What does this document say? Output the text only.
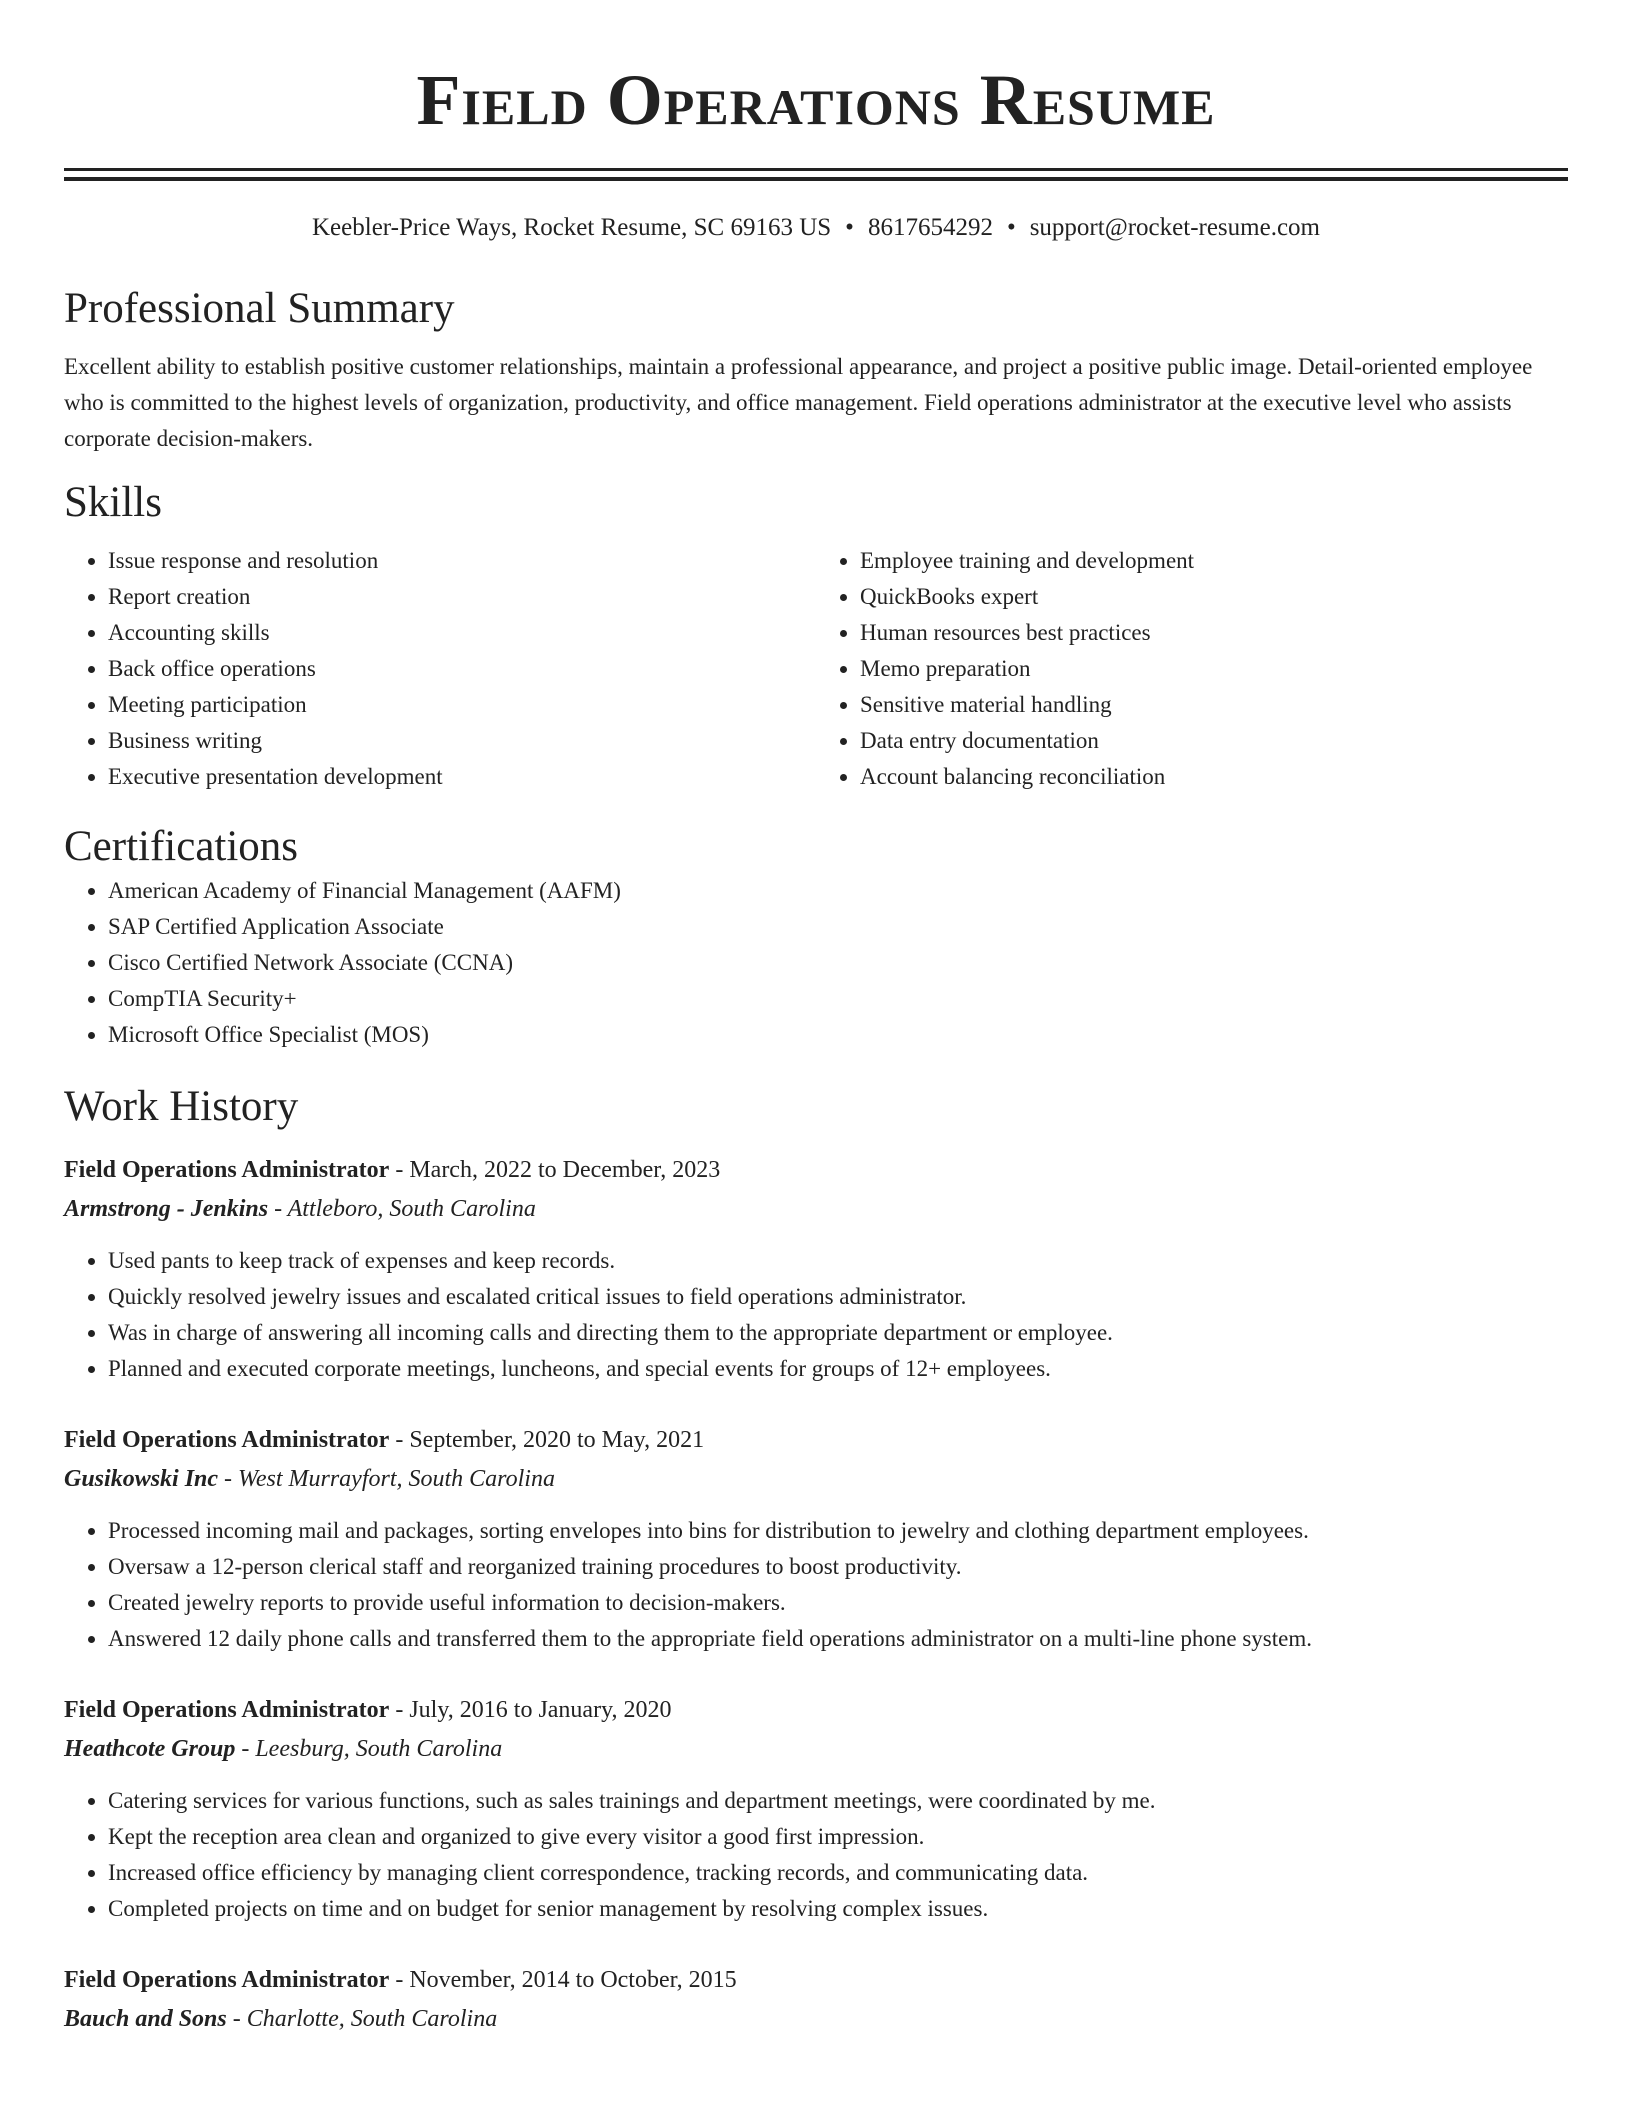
Field Operations Resume
Keebler-Price Ways, Rocket Resume, SC 69163 US • 8617654292 • support@rocket-resume.com
Professional Summary

Excellent ability to establish positive customer relationships, maintain a professional appearance, and project a positive public image. Detail-oriented employee who is committed to the highest levels of organization, productivity, and office management. Field operations administrator at the executive level who assists corporate decision-makers.

Skills
• Issue response and resolution
• Report creation
• Accounting skills
• Back office operations
• Meeting participation
• Business writing
• Executive presentation development
• Employee training and development
• QuickBooks expert
• Human resources best practices
• Memo preparation
• Sensitive material handling
• Data entry documentation
• Account balancing reconciliation
Certifications
• American Academy of Financial Management (AAFM)
• SAP Certified Application Associate
• Cisco Certified Network Associate (CCNA)
• CompTIA Security+
• Microsoft Office Specialist (MOS)
Work History
Field Operations Administrator - March, 2022 to December, 2023
Armstrong - Jenkins - Attleboro, South Carolina
• Used pants to keep track of expenses and keep records.
• Quickly resolved jewelry issues and escalated critical issues to field operations administrator.
• Was in charge of answering all incoming calls and directing them to the appropriate department or employee.
• Planned and executed corporate meetings, luncheons, and special events for groups of 12+ employees.
Field Operations Administrator - September, 2020 to May, 2021
Gusikowski Inc - West Murrayfort, South Carolina
• Processed incoming mail and packages, sorting envelopes into bins for distribution to jewelry and clothing department employees.
• Oversaw a 12-person clerical staff and reorganized training procedures to boost productivity.
• Created jewelry reports to provide useful information to decision-makers.
• Answered 12 daily phone calls and transferred them to the appropriate field operations administrator on a multi-line phone system.
Field Operations Administrator - July, 2016 to January, 2020
Heathcote Group - Leesburg, South Carolina
• Catering services for various functions, such as sales trainings and department meetings, were coordinated by me.
• Kept the reception area clean and organized to give every visitor a good first impression.
• Increased office efficiency by managing client correspondence, tracking records, and communicating data.
• Completed projects on time and on budget for senior management by resolving complex issues.
Field Operations Administrator - November, 2014 to October, 2015
Bauch and Sons - Charlotte, South Carolina
